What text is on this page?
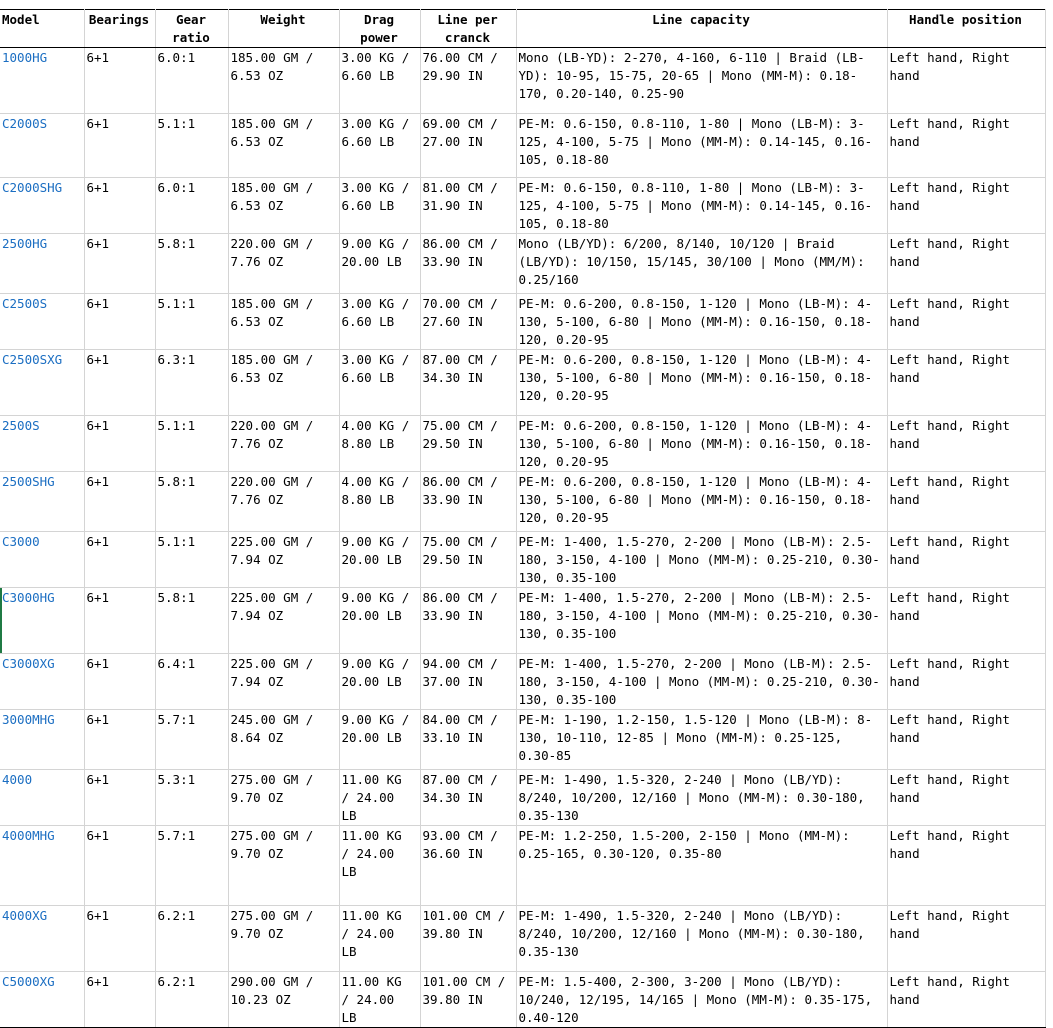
Model	Bearings	Gear ratio	Weight	Drag power	Line per cranck	Line capacity	Handle position

1000HG	6+1	6.0:1	185.00 GM / 6.53 OZ	3.00 KG / 6.60 LB	76.00 CM / 29.90 IN	Mono (LB-YD): 2-270, 4-160, 6-110 | Braid (LB-YD): 10-95, 15-75, 20-65 | Mono (MM-M): 0.18-170, 0.20-140, 0.25-90	Left hand, Right hand

C2000S	6+1	5.1:1	185.00 GM / 6.53 OZ	3.00 KG / 6.60 LB	69.00 CM / 27.00 IN	PE-M: 0.6-150, 0.8-110, 1-80 | Mono (LB-M): 3-125, 4-100, 5-75 | Mono (MM-M): 0.14-145, 0.16-105, 0.18-80	Left hand, Right hand

C2000SHG	6+1	6.0:1	185.00 GM / 6.53 OZ	3.00 KG / 6.60 LB	81.00 CM / 31.90 IN	PE-M: 0.6-150, 0.8-110, 1-80 | Mono (LB-M): 3-125, 4-100, 5-75 | Mono (MM-M): 0.14-145, 0.16-105, 0.18-80	Left hand, Right hand

2500HG	6+1	5.8:1	220.00 GM / 7.76 OZ	9.00 KG / 20.00 LB	86.00 CM / 33.90 IN	Mono (LB/YD): 6/200, 8/140, 10/120 | Braid (LB/YD): 10/150, 15/145, 30/100 | Mono (MM/M): 0.25/160	Left hand, Right hand

C2500S	6+1	5.1:1	185.00 GM / 6.53 OZ	3.00 KG / 6.60 LB	70.00 CM / 27.60 IN	PE-M: 0.6-200, 0.8-150, 1-120 | Mono (LB-M): 4-130, 5-100, 6-80 | Mono (MM-M): 0.16-150, 0.18-120, 0.20-95	Left hand, Right hand

C2500SXG	6+1	6.3:1	185.00 GM / 6.53 OZ	3.00 KG / 6.60 LB	87.00 CM / 34.30 IN	PE-M: 0.6-200, 0.8-150, 1-120 | Mono (LB-M): 4-130, 5-100, 6-80 | Mono (MM-M): 0.16-150, 0.18-120, 0.20-95	Left hand, Right hand

2500S	6+1	5.1:1	220.00 GM / 7.76 OZ	4.00 KG / 8.80 LB	75.00 CM / 29.50 IN	PE-M: 0.6-200, 0.8-150, 1-120 | Mono (LB-M): 4-130, 5-100, 6-80 | Mono (MM-M): 0.16-150, 0.18-120, 0.20-95	Left hand, Right hand

2500SHG	6+1	5.8:1	220.00 GM / 7.76 OZ	4.00 KG / 8.80 LB	86.00 CM / 33.90 IN	PE-M: 0.6-200, 0.8-150, 1-120 | Mono (LB-M): 4-130, 5-100, 6-80 | Mono (MM-M): 0.16-150, 0.18-120, 0.20-95	Left hand, Right hand

C3000	6+1	5.1:1	225.00 GM / 7.94 OZ	9.00 KG / 20.00 LB	75.00 CM / 29.50 IN	PE-M: 1-400, 1.5-270, 2-200 | Mono (LB-M): 2.5-180, 3-150, 4-100 | Mono (MM-M): 0.25-210, 0.30-130, 0.35-100	Left hand, Right hand

C3000HG	6+1	5.8:1	225.00 GM / 7.94 OZ	9.00 KG / 20.00 LB	86.00 CM / 33.90 IN	PE-M: 1-400, 1.5-270, 2-200 | Mono (LB-M): 2.5-180, 3-150, 4-100 | Mono (MM-M): 0.25-210, 0.30-130, 0.35-100	Left hand, Right hand

C3000XG	6+1	6.4:1	225.00 GM / 7.94 OZ	9.00 KG / 20.00 LB	94.00 CM / 37.00 IN	PE-M: 1-400, 1.5-270, 2-200 | Mono (LB-M): 2.5-180, 3-150, 4-100 | Mono (MM-M): 0.25-210, 0.30-130, 0.35-100	Left hand, Right hand

3000MHG	6+1	5.7:1	245.00 GM / 8.64 OZ	9.00 KG / 20.00 LB	84.00 CM / 33.10 IN	PE-M: 1-190, 1.2-150, 1.5-120 | Mono (LB-M): 8-130, 10-110, 12-85 | Mono (MM-M): 0.25-125, 0.30-85	Left hand, Right hand

4000	6+1	5.3:1	275.00 GM / 9.70 OZ	11.00 KG / 24.00 LB	87.00 CM / 34.30 IN	PE-M: 1-490, 1.5-320, 2-240 | Mono (LB/YD): 8/240, 10/200, 12/160 | Mono (MM-M): 0.30-180, 0.35-130	Left hand, Right hand

4000MHG	6+1	5.7:1	275.00 GM / 9.70 OZ	11.00 KG / 24.00 LB	93.00 CM / 36.60 IN	PE-M: 1.2-250, 1.5-200, 2-150 | Mono (MM-M): 0.25-165, 0.30-120, 0.35-80	Left hand, Right hand

4000XG	6+1	6.2:1	275.00 GM / 9.70 OZ	11.00 KG / 24.00 LB	101.00 CM / 39.80 IN	PE-M: 1-490, 1.5-320, 2-240 | Mono (LB/YD): 8/240, 10/200, 12/160 | Mono (MM-M): 0.30-180, 0.35-130	Left hand, Right hand

C5000XG	6+1	6.2:1	290.00 GM / 10.23 OZ	11.00 KG / 24.00 LB	101.00 CM / 39.80 IN	PE-M: 1.5-400, 2-300, 3-200 | Mono (LB/YD): 10/240, 12/195, 14/165 | Mono (MM-M): 0.35-175, 0.40-120	Left hand, Right hand
